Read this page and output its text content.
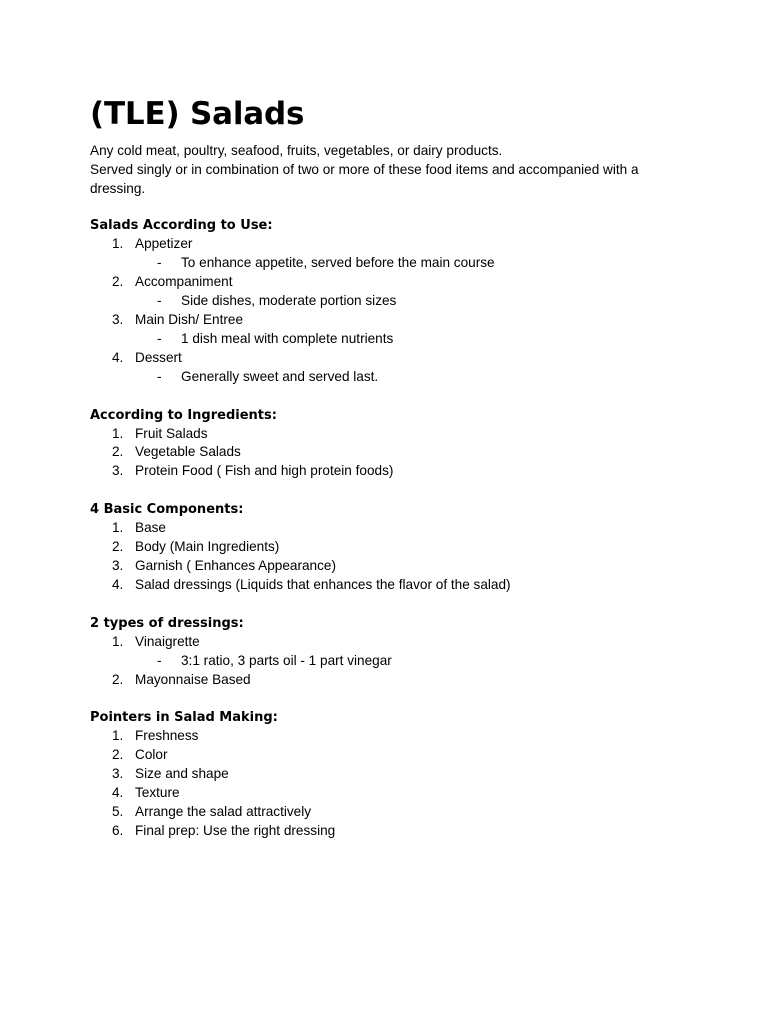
(TLE) Salads
Any cold meat, poultry, seafood, fruits, vegetables, or dairy products.
Served singly or in combination of two or more of these food items and accompanied with a
dressing.
Salads According to Use:
1. Appetizer
- To enhance appetite, served before the main course
2. Accompaniment
- Side dishes, moderate portion sizes
3. Main Dish/ Entree
- 1 dish meal with complete nutrients
4. Dessert
- Generally sweet and served last.
According to Ingredients:
1. Fruit Salads
2. Vegetable Salads
3. Protein Food ( Fish and high protein foods)
4 Basic Components:
1. Base
2. Body (Main Ingredients)
3. Garnish ( Enhances Appearance)
4. Salad dressings (Liquids that enhances the flavor of the salad)
2 types of dressings:
1. Vinaigrette
- 3:1 ratio, 3 parts oil - 1 part vinegar
2. Mayonnaise Based
Pointers in Salad Making:
1. Freshness
2. Color
3. Size and shape
4. Texture
5. Arrange the salad attractively
6. Final prep: Use the right dressing
